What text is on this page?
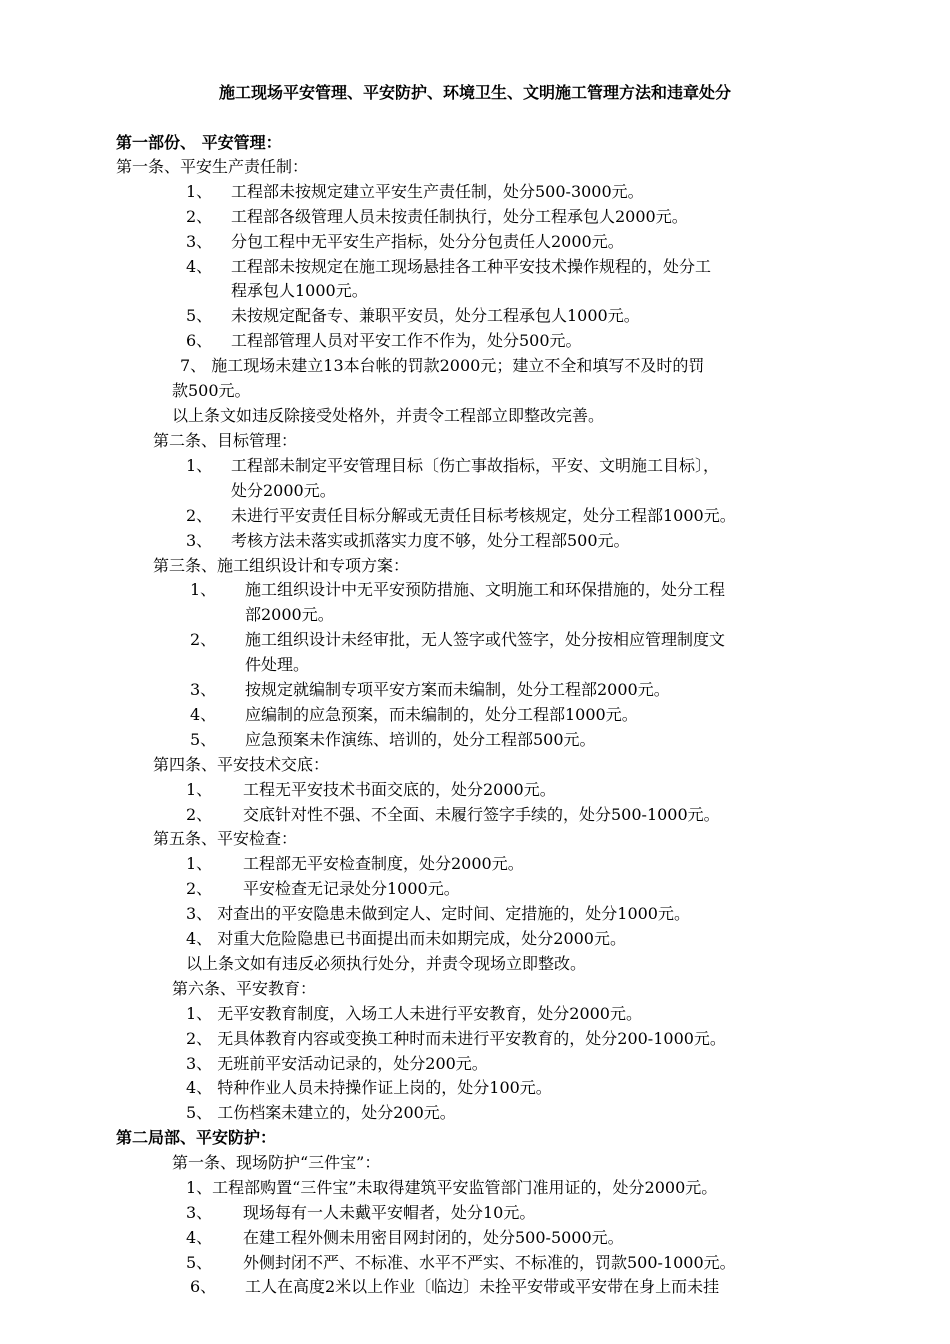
施工现场平安管理、平安防护、环境卫生、文明施工管理方法和违章处分
第一部份、 平安管理：
第一条、平安生产责任制：
1、 工程部未按规定建立平安生产责任制，处分500-3000元。
2、 工程部各级管理人员未按责任制执行，处分工程承包人2000元。
3、 分包工程中无平安生产指标，处分分包责任人2000元。
4、 工程部未按规定在施工现场悬挂各工种平安技术操作规程的，处分工
程承包人1000元。
5、 未按规定配备专、兼职平安员，处分工程承包人1000元。
6、 工程部管理人员对平安工作不作为，处分500元。
7、 施工现场未建立13本台帐的罚款2000元；建立不全和填写不及时的罚
款500元。
以上条文如违反除接受处格外，并责令工程部立即整改完善。
第二条、目标管理：
1、 工程部未制定平安管理目标〔伤亡事故指标，平安、文明施工目标〕，
处分2000元。
2、 未进行平安责任目标分解或无责任目标考核规定，处分工程部1000元。
3、 考核方法未落实或抓落实力度不够，处分工程部500元。
第三条、施工组织设计和专项方案：
1、 施工组织设计中无平安预防措施、文明施工和环保措施的，处分工程
部2000元。
2、 施工组织设计未经审批，无人签字或代签字，处分按相应管理制度文
件处理。
3、 按规定就编制专项平安方案而未编制，处分工程部2000元。
4、 应编制的应急预案，而未编制的，处分工程部1000元。
5、 应急预案未作演练、培训的，处分工程部500元。
第四条、平安技术交底：
1、 工程无平安技术书面交底的，处分2000元。
2、 交底针对性不强、不全面、未履行签字手续的，处分500-1000元。
第五条、平安检查：
1、 工程部无平安检查制度，处分2000元。
2、 平安检查无记录处分1000元。
3、 对查出的平安隐患未做到定人、定时间、定措施的，处分1000元。
4、 对重大危险隐患已书面提出而未如期完成，处分2000元。
以上条文如有违反必须执行处分，并责令现场立即整改。
第六条、平安教育：
1、 无平安教育制度，入场工人未进行平安教育，处分2000元。
2、 无具体教育内容或变换工种时而未进行平安教育的，处分200-1000元。
3、 无班前平安活动记录的，处分200元。
4、 特种作业人员未持操作证上岗的，处分100元。
5、 工伤档案未建立的，处分200元。
第二局部、平安防护：
第一条、现场防护“三件宝”：
1、工程部购置“三件宝”未取得建筑平安监管部门准用证的，处分2000元。
3、 现场每有一人未戴平安帽者，处分10元。
4、 在建工程外侧未用密目网封闭的，处分500-5000元。
5、 外侧封闭不严、不标准、水平不严实、不标准的，罚款500-1000元。
6、 工人在高度2米以上作业〔临边〕未拴平安带或平安带在身上而未挂
